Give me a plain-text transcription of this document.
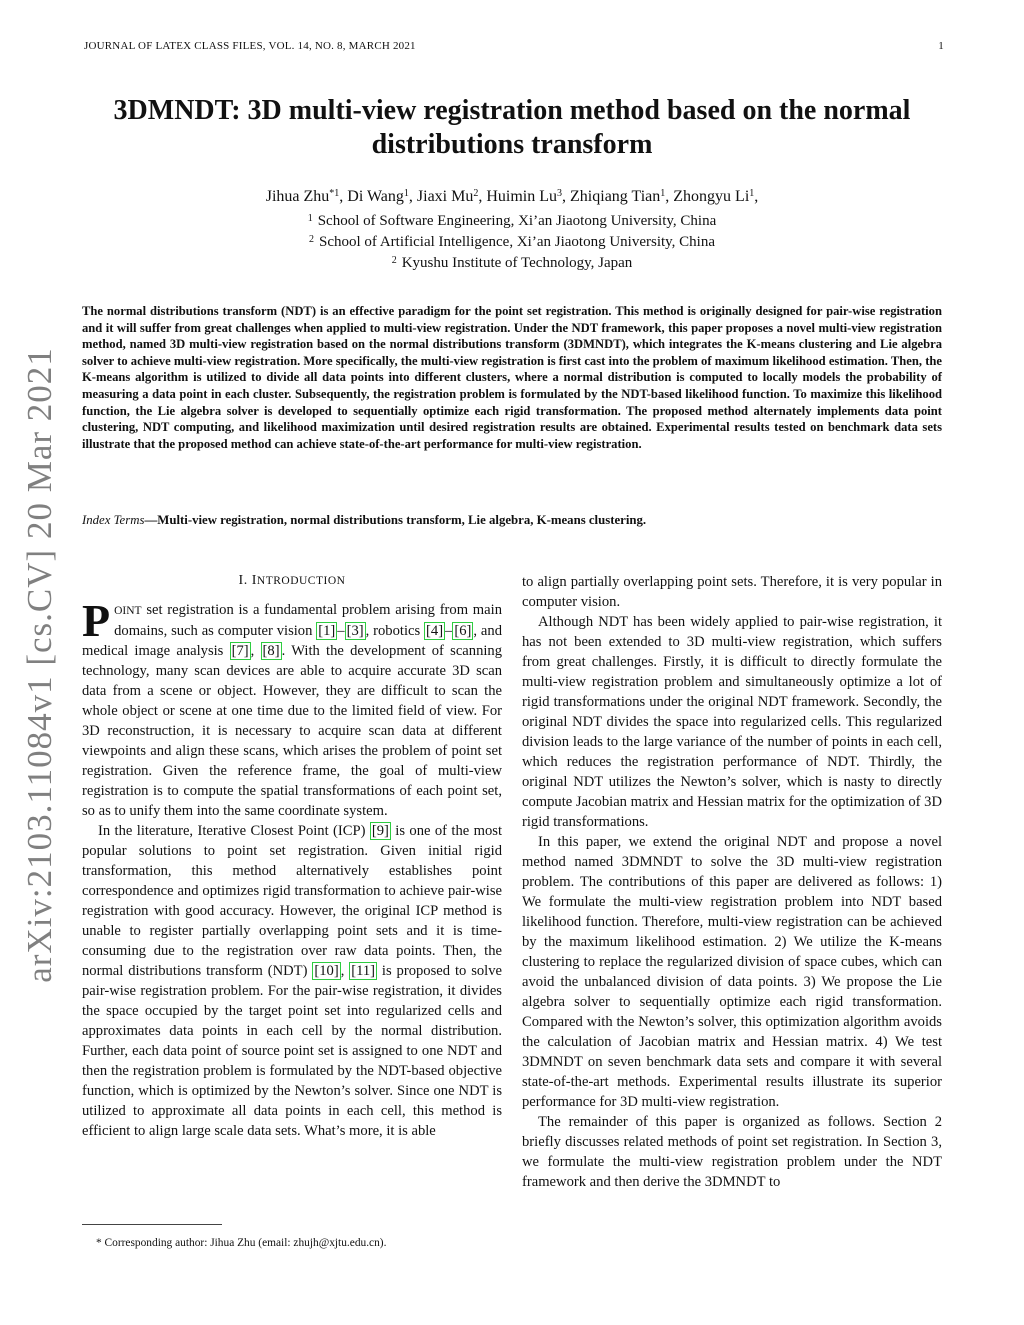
JOURNAL OF LATEX CLASS FILES, VOL. 14, NO. 8, MARCH 2021	1
arXiv:2103.11084v1 [cs.CV] 20 Mar 2021
3DMNDT: 3D multi-view registration method based on the normal distributions transform
Jihua Zhu$^{*1}$, Di Wang$^1$, Jiaxi Mu$^2$, Huimin Lu$^3$, Zhiqiang Tian$^1$, Zhongyu Li$^1$,
$^1$ School of Software Engineering, Xi’an Jiaotong University, China
$^2$ School of Artificial Intelligence, Xi’an Jiaotong University, China
$^2$ Kyushu Institute of Technology, Japan
The normal distributions transform (NDT) is an effective paradigm for the point set registration. This method is originally designed for pair-wise registration and it will suffer from great challenges when applied to multi-view registration. Under the NDT framework, this paper proposes a novel multi-view registration method, named 3D multi-view registration based on the normal distributions transform (3DMNDT), which integrates the K-means clustering and Lie algebra solver to achieve multi-view registration. More specifically, the multi-view registration is first cast into the problem of maximum likelihood estimation. Then, the K-means algorithm is utilized to divide all data points into different clusters, where a normal distribution is computed to locally models the probability of measuring a data point in each cluster. Subsequently, the registration problem is formulated by the NDT-based likelihood function. To maximize this likelihood function, the Lie algebra solver is developed to sequentially optimize each rigid transformation. The proposed method alternately implements data point clustering, NDT computing, and likelihood maximization until desired registration results are obtained. Experimental results tested on benchmark data sets illustrate that the proposed method can achieve state-of-the-art performance for multi-view registration.
Index Terms—Multi-view registration, normal distributions transform, Lie algebra, K-means clustering.
I. INTRODUCTION

POINT set registration is a fundamental problem arising from main domains, such as computer vision [1] – [3] , robotics [4] – [6] , and medical image analysis [7] , [8] . With the development of scanning technology, many scan devices are able to acquire accurate 3D scan data from a scene or object. However, they are difficult to scan the whole object or scene at one time due to the limited field of view. For 3D reconstruction, it is necessary to acquire scan data at different viewpoints and align these scans, which arises the problem of point set registration. Given the reference frame, the goal of multi-view registration is to compute the spatial transformations of each point set, so as to unify them into the same coordinate system.

In the literature, Iterative Closest Point (ICP) [9] is one of the most popular solutions to point set registration. Given initial rigid transformation, this method alternatively establishes point correspondence and optimizes rigid transformation to achieve pair-wise registration with good accuracy. However, the original ICP method is unable to register partially overlapping point sets and it is time-consuming due to the registration over raw data points. Then, the normal distributions transform (NDT) [10] , [11] is proposed to solve pair-wise registration problem. For the pair-wise registration, it divides the space occupied by the target point set into regularized cells and approximates data points in each cell by the normal distribution. Further, each data point of source point set is assigned to one NDT and then the registration problem is formulated by the NDT-based objective function, which is optimized by the Newton’s solver. Since one NDT is utilized to approximate all data points in each cell, this method is efficient to align large scale data sets. What’s more, it is able

to align partially overlapping point sets. Therefore, it is very popular in computer vision.

Although NDT has been widely applied to pair-wise registration, it has not been extended to 3D multi-view registration, which suffers from great challenges. Firstly, it is difficult to directly formulate the multi-view registration problem and simultaneously optimize a lot of rigid transformations under the original NDT framework. Secondly, the original NDT divides the space into regularized cells. This regularized division leads to the large variance of the number of points in each cell, which reduces the registration performance of NDT. Thirdly, the original NDT utilizes the Newton’s solver, which is nasty to directly compute Jacobian matrix and Hessian matrix for the optimization of 3D rigid transformations.

In this paper, we extend the original NDT and propose a novel method named 3DMNDT to solve the 3D multi-view registration problem. The contributions of this paper are delivered as follows: 1) We formulate the multi-view registration problem into NDT based likelihood function. Therefore, multi-view registration can be achieved by the maximum likelihood estimation. 2) We utilize the K-means clustering to replace the regularized division of space cubes, which can avoid the unbalanced division of data points. 3) We propose the Lie algebra solver to sequentially optimize each rigid transformation. Compared with the Newton’s solver, this optimization algorithm avoids the calculation of Jacobian matrix and Hessian matrix. 4) We test 3DMNDT on seven benchmark data sets and compare it with several state-of-the-art methods. Experimental results illustrate its superior performance for 3D multi-view registration.

The remainder of this paper is organized as follows. Section 2 briefly discusses related methods of point set registration. In Section 3, we formulate the multi-view registration problem under the NDT framework and then derive the 3DMNDT to

* Corresponding author: Jihua Zhu (email: zhujh@xjtu.edu.cn).
